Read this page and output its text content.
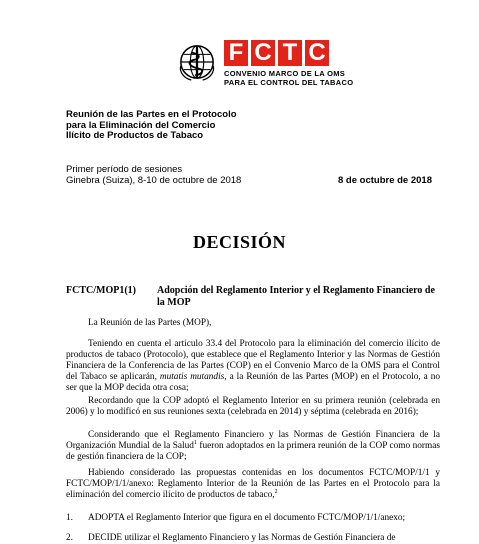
F C T C
CONVENIO MARCO DE LA OMS
PARA EL CONTROL DEL TABACO
Reunión de las Partes en el Protocolo
para la Eliminación del Comercio
Ilícito de Productos de Tabaco
Primer período de sesiones
Ginebra (Suiza), 8-10 de octubre de 2018	8 de octubre de 2018
DECISIÓN
FCTC/MOP1(1) Adopción del Reglamento Interior y el Reglamento Financiero de la MOP
La Reunión de las Partes (MOP),
Teniendo en cuenta el artículo 33.4 del Protocolo para la eliminación del comercio ilícito de productos de tabaco (Protocolo), que establece que el Reglamento Interior y las Normas de Gestión Financiera de la Conferencia de las Partes (COP) en el Convenio Marco de la OMS para el Control del Tabaco se aplicarán, mutatis mutandis, a la Reunión de las Partes (MOP) en el Protocolo, a no ser que la MOP decida otra cosa;
Recordando que la COP adoptó el Reglamento Interior en su primera reunión (celebrada en 2006) y lo modificó en sus reuniones sexta (celebrada en 2014) y séptima (celebrada en 2016);
Considerando que el Reglamento Financiero y las Normas de Gestión Financiera de la Organización Mundial de la Salud$^1$ fueron adoptados en la primera reunión de la COP como normas de gestión financiera de la COP;
Habiendo considerado las propuestas contenidas en los documentos FCTC/MOP/1/1 y FCTC/MOP/1/1/anexo: Reglamento Interior de la Reunión de las Partes en el Protocolo para la eliminación del comercio ilícito de productos de tabaco,$^2$
1.	ADOPTA el Reglamento Interior que figura en el documento FCTC/MOP/1/1/anexo;
2.	DECIDE utilizar el Reglamento Financiero y las Normas de Gestión Financiera de
